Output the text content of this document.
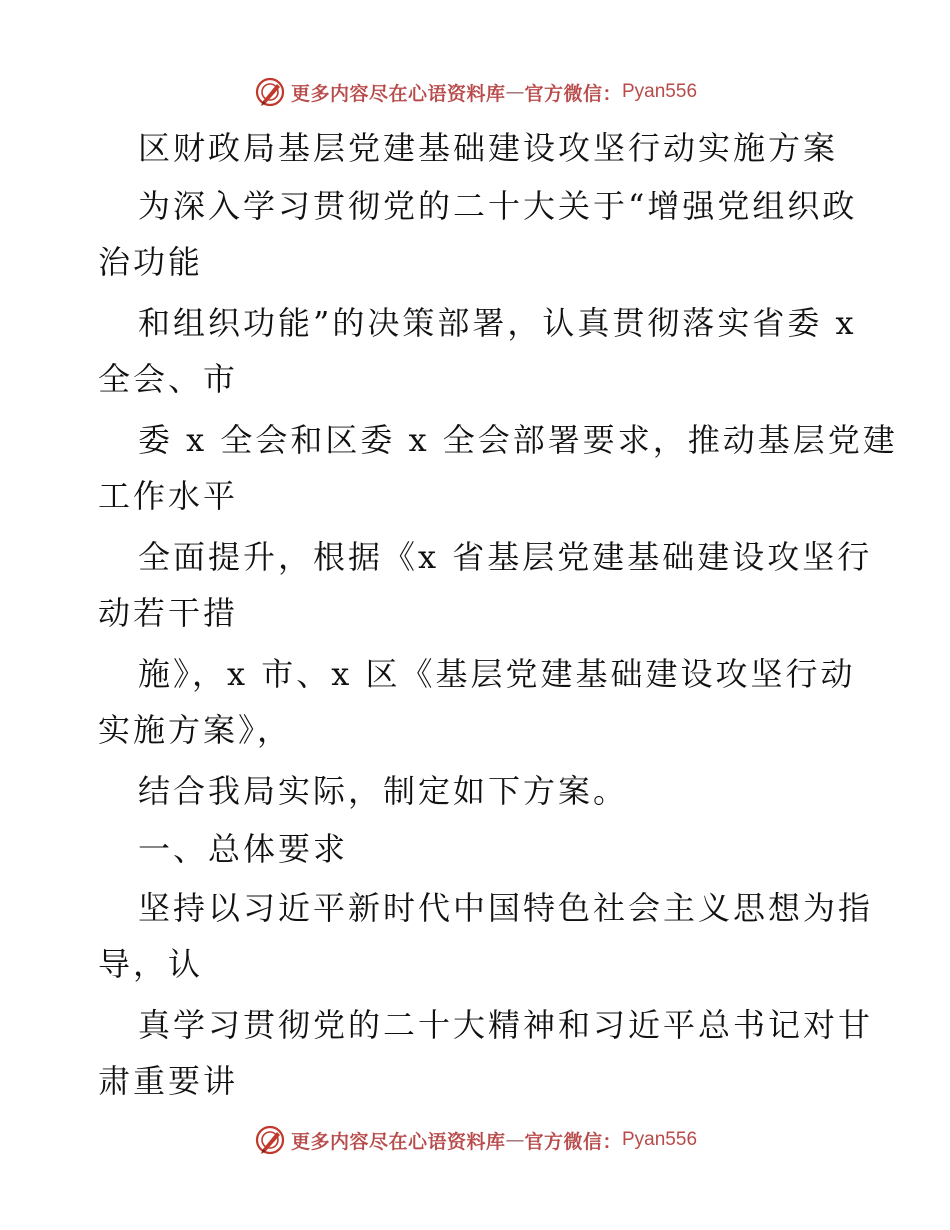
更多内容尽在心语资料库 — 官方微信： Pyan556
区财政局基层党建基础建设攻坚行动实施方案
为深入学习贯彻党的二十大关于“增强党组织政
治功能
和组织功能”的决策部署，认真贯彻落实省委 x
全会、市
委 x 全会和区委 x 全会部署要求，推动基层党建
工作水平
全面提升，根据《x 省基层党建基础建设攻坚行
动若干措
施》，x 市、x 区《基层党建基础建设攻坚行动
实施方案》，
结合我局实际，制定如下方案。
一、总体要求
坚持以习近平新时代中国特色社会主义思想为指
导，认
真学习贯彻党的二十大精神和习近平总书记对甘
肃重要讲
更多内容尽在心语资料库 — 官方微信： Pyan556
